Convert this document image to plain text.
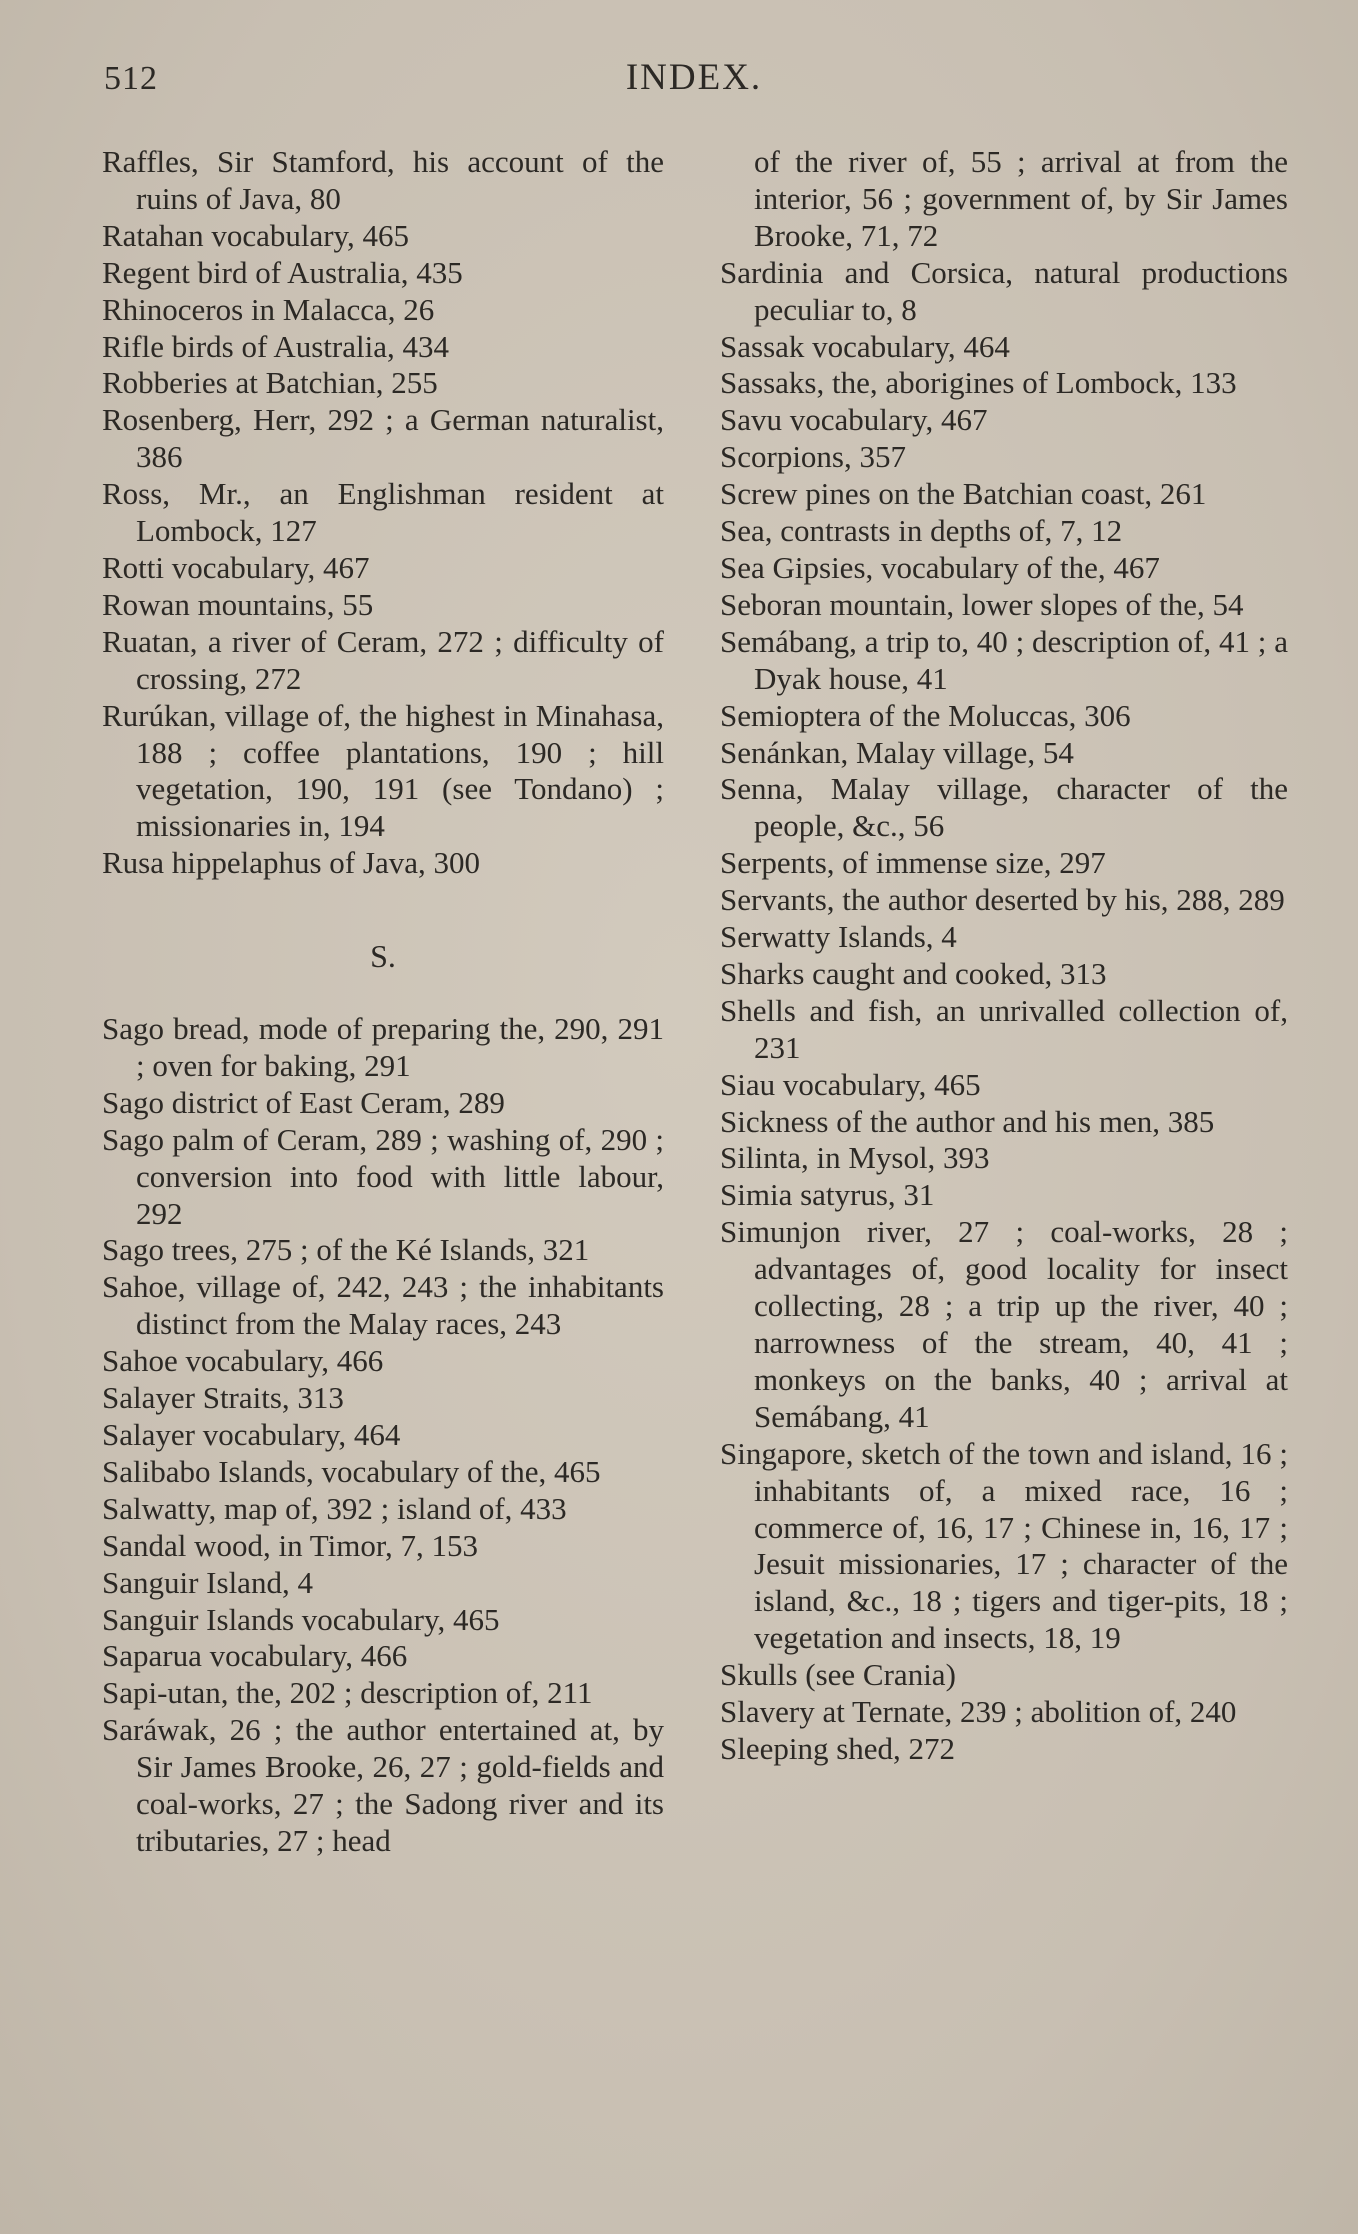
512	INDEX.
Raffles, Sir Stamford, his account of the ruins of Java, 80
Ratahan vocabulary, 465
Regent bird of Australia, 435
Rhinoceros in Malacca, 26
Rifle birds of Australia, 434
Robberies at Batchian, 255
Rosenberg, Herr, 292 ; a German naturalist, 386
Ross, Mr., an Englishman resident at Lombock, 127
Rotti vocabulary, 467
Rowan mountains, 55
Ruatan, a river of Ceram, 272 ; difficulty of crossing, 272
Rurúkan, village of, the highest in Minahasa, 188 ; coffee plantations, 190 ; hill vegetation, 190, 191 (see Tondano) ; missionaries in, 194
Rusa hippelaphus of Java, 300
S.
Sago bread, mode of preparing the, 290, 291 ; oven for baking, 291
Sago district of East Ceram, 289
Sago palm of Ceram, 289 ; washing of, 290 ; conversion into food with little labour, 292
Sago trees, 275 ; of the Ké Islands, 321
Sahoe, village of, 242, 243 ; the inhabitants distinct from the Malay races, 243
Sahoe vocabulary, 466
Salayer Straits, 313
Salayer vocabulary, 464
Salibabo Islands, vocabulary of the, 465
Salwatty, map of, 392 ; island of, 433
Sandal wood, in Timor, 7, 153
Sanguir Island, 4
Sanguir Islands vocabulary, 465
Saparua vocabulary, 466
Sapi-utan, the, 202 ; description of, 211
Saráwak, 26 ; the author entertained at, by Sir James Brooke, 26, 27 ; gold-fields and coal-works, 27 ; the Sadong river and its tributaries, 27 ; head
of the river of, 55 ; arrival at from the interior, 56 ; government of, by Sir James Brooke, 71, 72
Sardinia and Corsica, natural productions peculiar to, 8
Sassak vocabulary, 464
Sassaks, the, aborigines of Lombock, 133
Savu vocabulary, 467
Scorpions, 357
Screw pines on the Batchian coast, 261
Sea, contrasts in depths of, 7, 12
Sea Gipsies, vocabulary of the, 467
Seboran mountain, lower slopes of the, 54
Semábang, a trip to, 40 ; description of, 41 ; a Dyak house, 41
Semioptera of the Moluccas, 306
Senánkan, Malay village, 54
Senna, Malay village, character of the people, &c., 56
Serpents, of immense size, 297
Servants, the author deserted by his, 288, 289
Serwatty Islands, 4
Sharks caught and cooked, 313
Shells and fish, an unrivalled collection of, 231
Siau vocabulary, 465
Sickness of the author and his men, 385
Silinta, in Mysol, 393
Simia satyrus, 31
Simunjon river, 27 ; coal-works, 28 ; advantages of, good locality for insect collecting, 28 ; a trip up the river, 40 ; narrowness of the stream, 40, 41 ; monkeys on the banks, 40 ; arrival at Semábang, 41
Singapore, sketch of the town and island, 16 ; inhabitants of, a mixed race, 16 ; commerce of, 16, 17 ; Chinese in, 16, 17 ; Jesuit missionaries, 17 ; character of the island, &c., 18 ; tigers and tiger-pits, 18 ; vegetation and insects, 18, 19
Skulls (see Crania)
Slavery at Ternate, 239 ; abolition of, 240
Sleeping shed, 272
